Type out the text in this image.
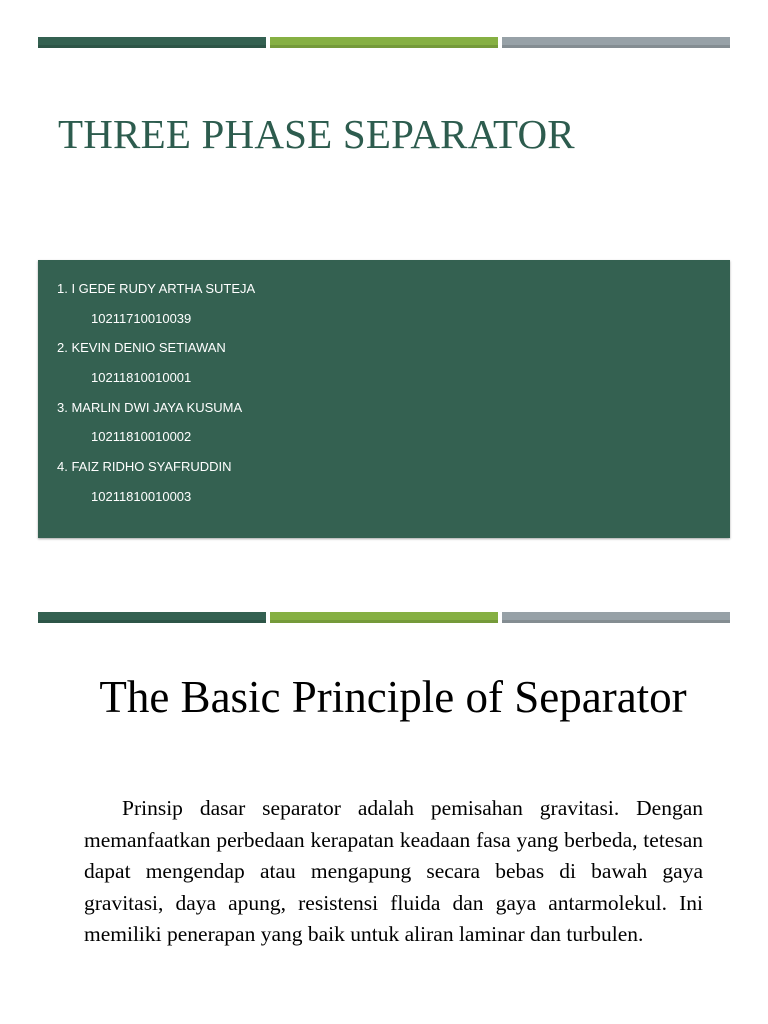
THREE PHASE SEPARATOR
1. I GEDE RUDY ARTHA SUTEJA
10211710010039
2. KEVIN DENIO SETIAWAN
10211810010001
3. MARLIN DWI JAYA KUSUMA
10211810010002
4. FAIZ RIDHO SYAFRUDDIN
10211810010003
The Basic Principle of Separator

Prinsip dasar separator adalah pemisahan gravitasi. Dengan memanfaatkan perbedaan kerapatan keadaan fasa yang berbeda, tetesan dapat mengendap atau mengapung secara bebas di bawah gaya gravitasi, daya apung, resistensi fluida dan gaya antarmolekul. Ini memiliki penerapan yang baik untuk aliran laminar dan turbulen.
